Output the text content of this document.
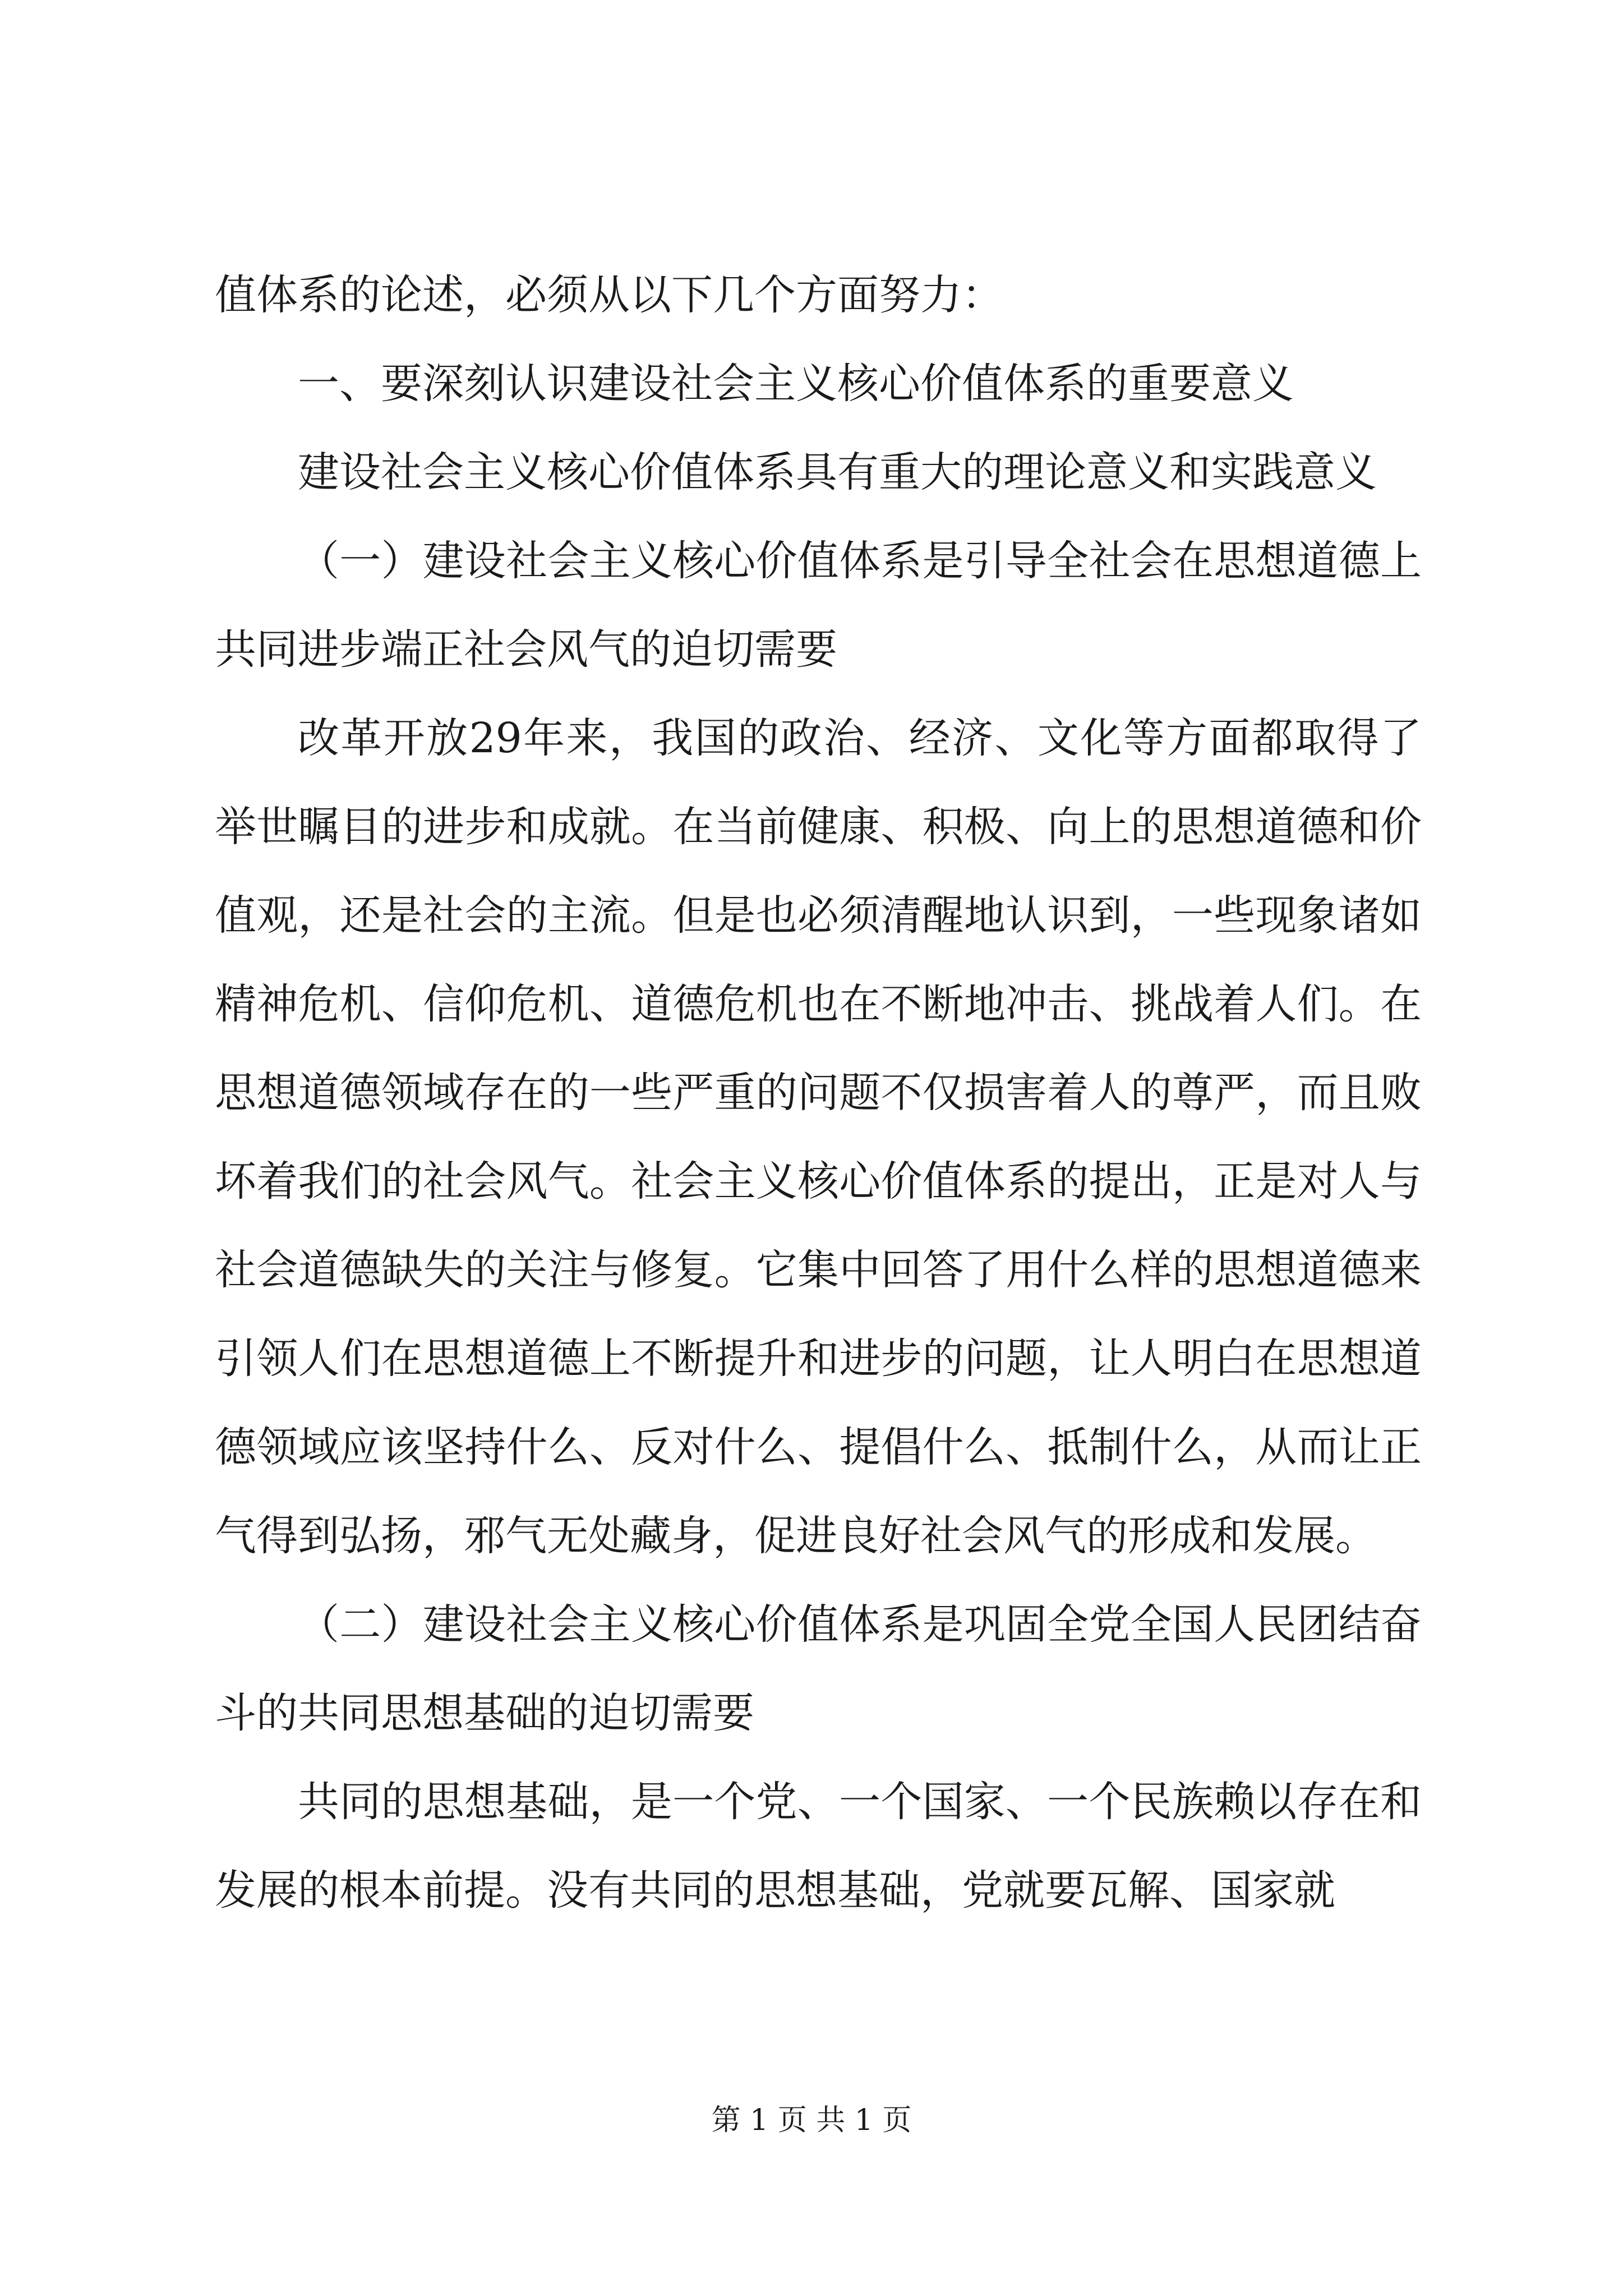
值体系的论述，必须从以下几个方面努力：

一、要深刻认识建设社会主义核心价值体系的重要意义

建设社会主义核心价值体系具有重大的理论意义和实践意义

（一）建设社会主义核心价值体系是引导全社会在思想道德上共同进步端正社会风气的迫切需要

改革开放29年来，我国的政治、经济、文化等方面都取得了举世瞩目的进步和成就。在当前健康、积极、向上的思想道德和价值观，还是社会的主流。但是也必须清醒地认识到，一些现象诸如精神危机、信仰危机、道德危机也在不断地冲击、挑战着人们。在思想道德领域存在的一些严重的问题不仅损害着人的尊严，而且败坏着我们的社会风气。社会主义核心价值体系的提出，正是对人与社会道德缺失的关注与修复。它集中回答了用什么样的思想道德来引领人们在思想道德上不断提升和进步的问题，让人明白在思想道德领域应该坚持什么、反对什么、提倡什么、抵制什么，从而让正气得到弘扬，邪气无处藏身，促进良好社会风气的形成和发展。

（二）建设社会主义核心价值体系是巩固全党全国人民团结奋斗的共同思想基础的迫切需要

共同的思想基础，是一个党、一个国家、一个民族赖以存在和发展的根本前提。没有共同的思想基础，党就要瓦解、国家就

第 1 页 共 1 页
